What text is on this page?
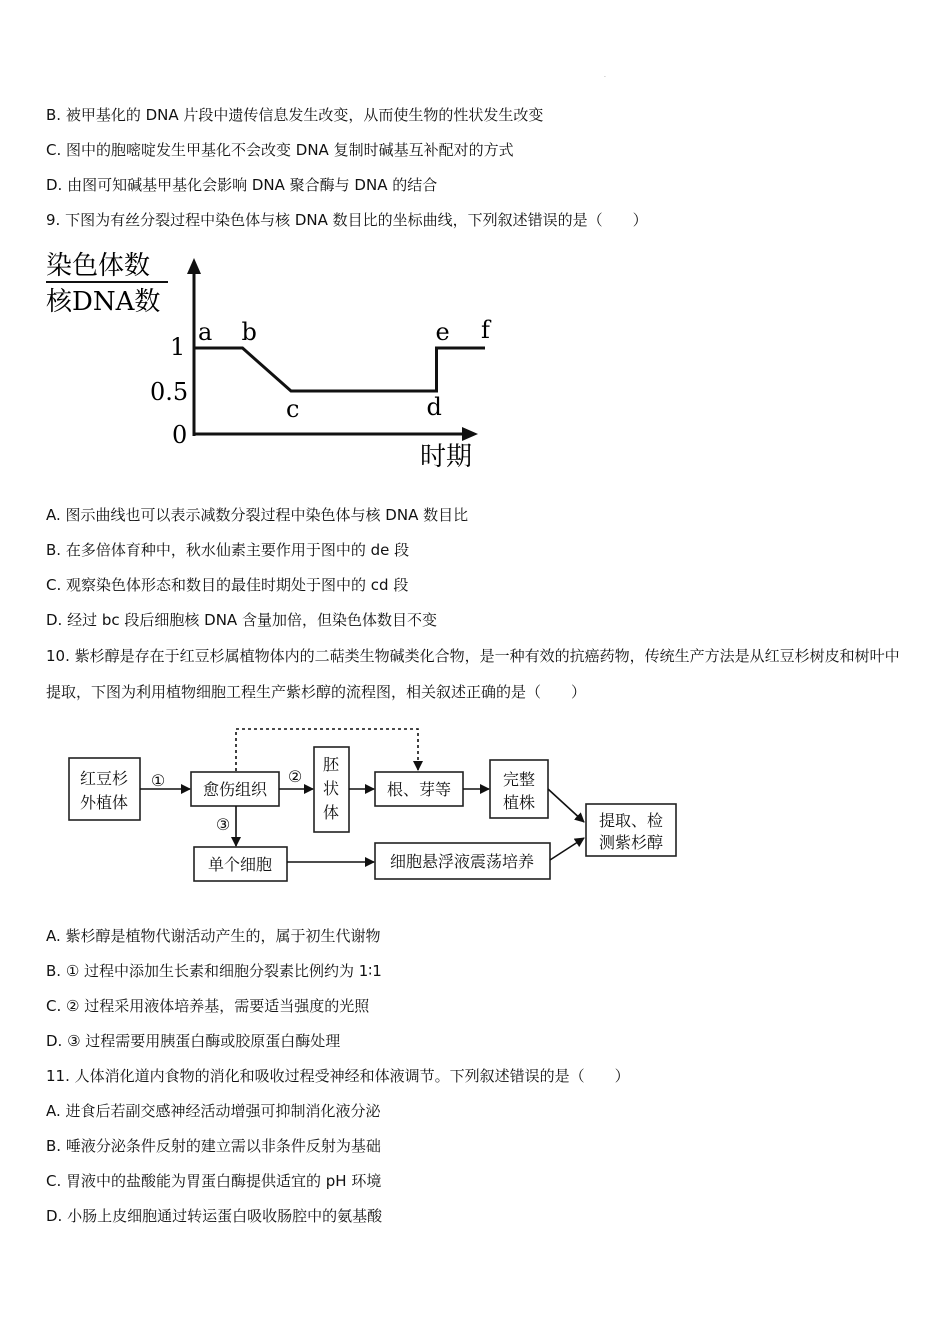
·
B. 被甲基化的 DNA 片段中遗传信息发生改变，从而使生物的性状发生改变
C. 图中的胞嘧啶发生甲基化不会改变 DNA 复制时碱基互补配对的方式
D. 由图可知碱基甲基化会影响 DNA 聚合酶与 DNA 的结合
9. 下图为有丝分裂过程中染色体与核 DNA 数目比的坐标曲线，下列叙述错误的是（　　）
染色体数
核DNA数
1
0.5
0
时期
a b
c	d
e f
A. 图示曲线也可以表示减数分裂过程中染色体与核 DNA 数目比
B. 在多倍体育种中，秋水仙素主要作用于图中的 de 段
C. 观察染色体形态和数目的最佳时期处于图中的 cd 段
D. 经过 bc 段后细胞核 DNA 含量加倍，但染色体数目不变
10. 紫杉醇是存在于红豆杉属植物体内的二萜类生物碱类化合物，是一种有效的抗癌药物，传统生产方法是从红豆杉树皮和树叶中提取，下图为利用植物细胞工程生产紫杉醇的流程图，相关叙述正确的是（　　）
红豆杉
外植体
愈伤组织
胚
状
体
根、芽等
完整
植株
提取、检
测紫杉醇
单个细胞	细胞悬浮液震荡培养
①	②
③
A. 紫杉醇是植物代谢活动产生的，属于初生代谢物
B. ① 过程中添加生长素和细胞分裂素比例约为 1∶1
C. ② 过程采用液体培养基，需要适当强度的光照
D. ③ 过程需要用胰蛋白酶或胶原蛋白酶处理
11. 人体消化道内食物的消化和吸收过程受神经和体液调节。下列叙述错误的是（　　）
A. 进食后若副交感神经活动增强可抑制消化液分泌
B. 唾液分泌条件反射的建立需以非条件反射为基础
C. 胃液中的盐酸能为胃蛋白酶提供适宜的 pH 环境
D. 小肠上皮细胞通过转运蛋白吸收肠腔中的氨基酸
